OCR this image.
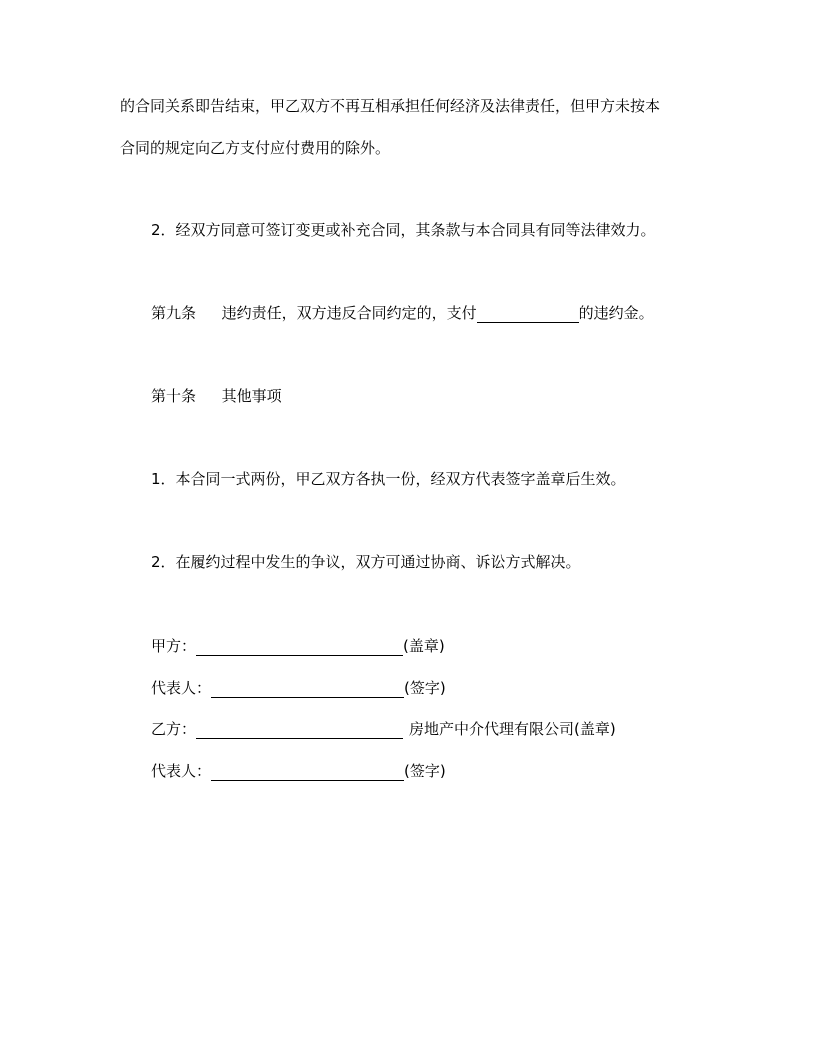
的合同关系即告结束，甲乙双方不再互相承担任何经济及法律责任，但甲方未按本
合同的规定向乙方支付应付费用的除外。
2．经双方同意可签订变更或补充合同，其条款与本合同具有同等法律效力。
第九条 违约责任，双方违反合同约定的，支付	的违约金。
第十条 其他事项
1．本合同一式两份，甲乙双方各执一份，经双方代表签字盖章后生效。
2．在履约过程中发生的争议，双方可通过协商、诉讼方式解决。
甲方：	(盖章)
代表人：	(签字)
乙方：	房地产中介代理有限公司(盖章)
代表人：	(签字)
